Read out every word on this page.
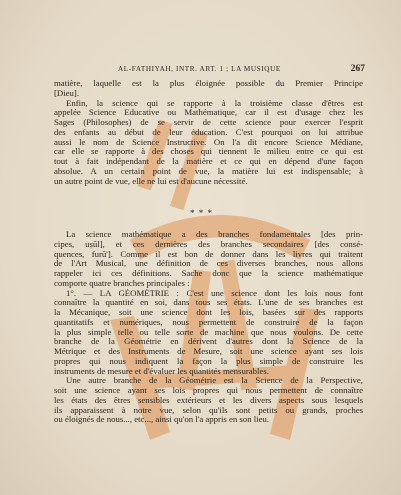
AL-FATHIYAH, INTR. ART. 1 ; LA MUSIQUE	267
matière, laquelle est la plus éloignée possible du Premier Principe
[Dieu].
Enfin, la science qui se rapporte à la troisième classe d'êtres est
appelée Science Educative ou Mathématique, car il est d'usage chez les
Sages (Philosophes) de se servir de cette science pour exercer l'esprit
des enfants au début de leur éducation. C'est pourquoi on lui attribue
aussi le nom de Science Instructive. On l'a dit encore Science Médiane,
car elle se rapporte à des choses qui tiennent le milieu entre ce qui est
tout à fait indépendant de la matière et ce qui en dépend d'une façon
absolue. A un certain point de vue, la matière lui est indispensable; à
un autre point de vue, elle ne lui est d'aucune nécessité.
* * *
La science mathématique a des branches fondamentales [des prin-
cipes, uṣūl], et ces dernières des branches secondaires [des consé-
quences, furū']. Comme il est bon de donner dans les livres qui traitent
de l'Art Musical, une définition de ces diverses branches, nous allons
rappeler ici ces définitions. Sache donc que la science mathématique
comporte quatre branches principales :
1°. — LA GÉOMÉTRIE : C'est une science dont les lois nous font
connaître la quantité en soi, dans tous ses états. L'une de ses branches est
la Mécanique, soit une science dont les lois, basées sur des rapports
quantitatifs et numériques, nous permettent de construire de la façon
la plus simple telle ou telle sorte de machine que nous voulons. De cette
branche de la Géométrie en dérivent d'autres dont la Science de la
Métrique et des Instruments de Mesure, soit une science ayant ses lois
propres qui nous indiquent la façon la plus simple de construire les
instruments de mesure et d'évaluer les quantités mensurables.
Une autre branche de la Géométrie est la Science de la Perspective,
soit une science ayant ses lois propres qui nous permettent de connaître
les états des êtres sensibles extérieurs et les divers aspects sous lesquels
ils apparaissent à notre vue, selon qu'ils sont petits ou grands, proches
ou éloignés de nous..., etc..., ainsi qu'on l'a appris en son lieu.
